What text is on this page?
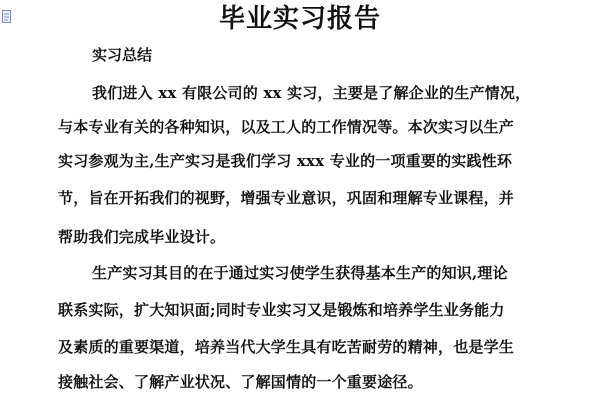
毕业实习报告
实习总结
我们进入 xx 有限公司的 xx 实习，主要是了解企业的生产情况，
与本专业有关的各种知识，以及工人的工作情况等。本次实习以生产
实习参观为主,生产实习是我们学习 xxx 专业的一项重要的实践性环
节，旨在开拓我们的视野，增强专业意识，巩固和理解专业课程，并
帮助我们完成毕业设计。
生产实习其目的在于通过实习使学生获得基本生产的知识,理论
联系实际，扩大知识面;同时专业实习又是锻炼和培养学生业务能力
及素质的重要渠道，培养当代大学生具有吃苦耐劳的精神，也是学生
接触社会、了解产业状况、了解国情的一个重要途径。
